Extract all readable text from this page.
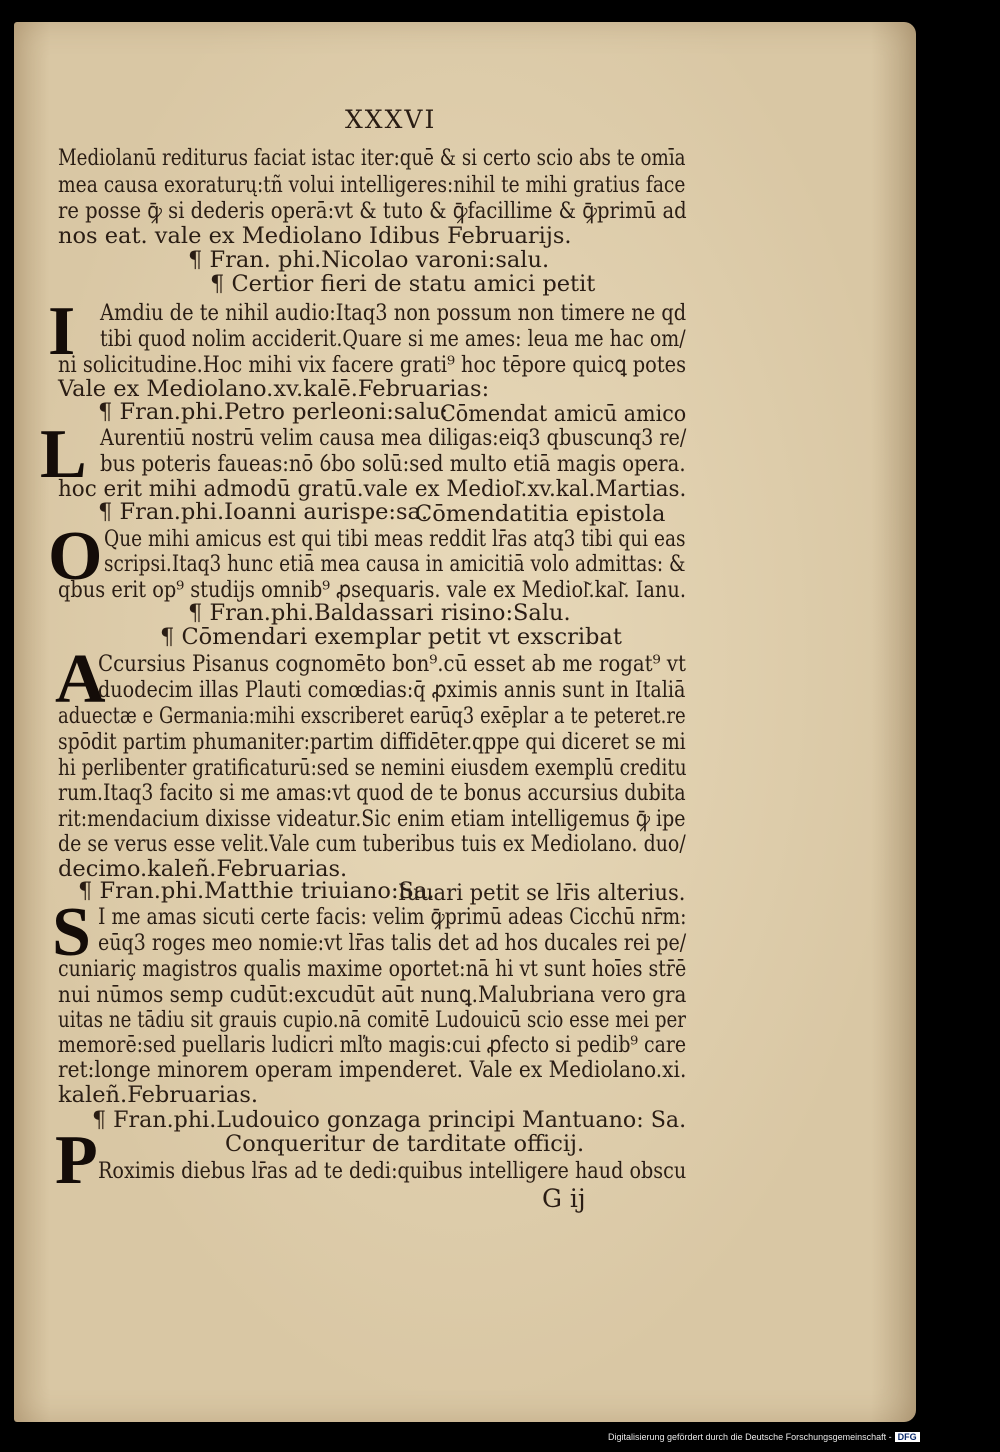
XXXVI
Mediolanū rediturus faciat istac iter:quē & si certo scio abs te omīa
mea causa exoraturų:tñ volui intelligeres:nihil te mihi gratius face
re posse ꝙ̄ si dederis operā:vt & tuto & ꝙ̄facillime & ꝙ̄primū ad
nos eat. vale ex Mediolano Idibus Februarijs.
¶ Fran. phi.Nicolao varoni:salu.
¶ Certior fieri de statu amici petit
I Amdiu de te nihil audio:Itaq3 non possum non timere ne qd
tibi quod nolim acciderit.Quare si me ames: leua me hac om/
ni solicitudine.Hoc mihi vix facere grati⁹ hoc tēpore quicꝗ potes
Vale ex Mediolano.xv.kalē.Februarias:
¶ Fran.phi.Petro perleoni:salu:
Cōmendat amicū amico
L Aurentiū nostrū velim causa mea diligas:eiq3 qbuscunq3 re/
bus poteris faueas:nō ỽbo solū:sed multo etiā magis opera.
hoc erit mihi admodū gratū.vale ex Mediol͂.xv.kal.Martias.
¶ Fran.phi.Ioanni aurispe:sa.
Cōmendatitia epistola
O Que mihi amicus est qui tibi meas reddit lr̄as atq3 tibi qui eas
scripsi.Itaq3 hunc etiā mea causa in amicitiā volo admittas: &
qbus erit op⁹ studijs omnib⁹ ꝓsequaris. vale ex Mediol͂.kal͂. Ianu.
¶ Fran.phi.Baldassari risino:Salu.
¶ Cōmendari exemplar petit vt exscribat
A
Ccursius Pisanus cognomēto bon⁹.cū esset ab me rogat⁹ vt
duodecim illas Plauti comœdias:q̄ ꝓximis annis sunt in Italiā
aduectæ e Germania:mihi exscriberet earūq3 exēplar a te peteret.re
spōdit partim phumaniter:partim diffidēter.qppe qui diceret se mi
hi perlibenter gratificaturū:sed se nemini eiusdem exemplū creditu
rum.Itaq3 facito si me amas:vt quod de te bonus accursius dubita
rit:mendacium dixisse videatur.Sic enim etiam intelligemus ꝙ̄ ipe
de se verus esse velit.Vale cum tuberibus tuis ex Mediolano. duo/
decimo.kaleñ.Februarias.
¶ Fran.phi.Matthie triuiano:Sa.
Iuuari petit se lr̄is alterius.
S I me amas sicuti certe facis: velim ꝙ̄primū adeas Cicchū nr̄m:
eūq3 roges meo nomie:vt lr̄as talis det ad hos ducales rei pe/
cuniariç magistros qualis maxime oportet:nā hi vt sunt hoīes str̄ē
nui nūmos semp cudūt:excudūt aūt nunꝗ.Malubriana vero gra
uitas ne tādiu sit grauis cupio.nā comitē Ludouicū scio esse mei per
memorē:sed puellaris ludicri mľto magis:cui ꝓfecto si pedib⁹ care
ret:longe minorem operam impenderet. Vale ex Mediolano.xi.
kaleñ.Februarias.
¶ Fran.phi.Ludouico gonzaga principi Mantuano: Sa.
Conqueritur de tarditate officij.
P Roximis diebus lr̄as ad te dedi:quibus intelligere haud obscu
G ij
Digitalisierung gefördert durch die Deutsche Forschungsgemeinschaft - DFG
